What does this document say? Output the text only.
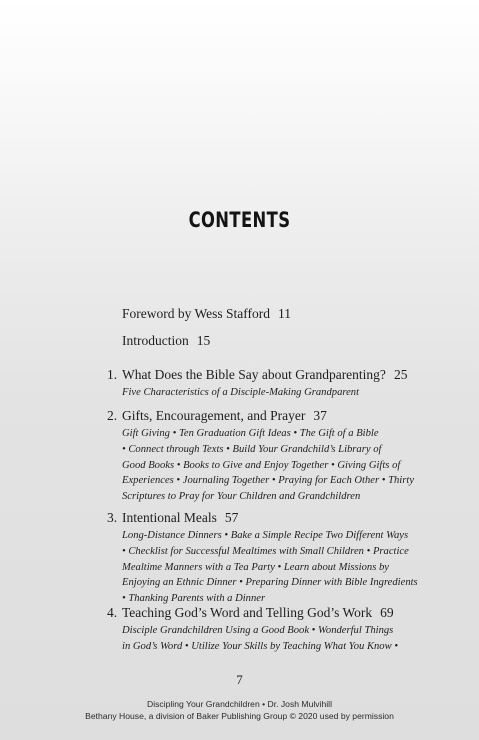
CONTENTS
Foreword by Wess Stafford 11
Introduction 15
1. What Does the Bible Say about Grandparenting? 25
Five Characteristics of a Disciple-Making Grandparent
2. Gifts, Encouragement, and Prayer 37
Gift Giving • Ten Graduation Gift Ideas • The Gift of a Bible
• Connect through Texts • Build Your Grandchild’s Library of
Good Books • Books to Give and Enjoy Together • Giving Gifts of
Experiences • Journaling Together • Praying for Each Other • Thirty
Scriptures to Pray for Your Children and Grandchildren
3. Intentional Meals 57
Long-Distance Dinners • Bake a Simple Recipe Two Different Ways
• Checklist for Successful Mealtimes with Small Children • Practice
Mealtime Manners with a Tea Party • Learn about Missions by
Enjoying an Ethnic Dinner • Preparing Dinner with Bible Ingredients
• Thanking Parents with a Dinner
4. Teaching God’s Word and Telling God’s Work 69
Disciple Grandchildren Using a Good Book • Wonderful Things
in God’s Word • Utilize Your Skills by Teaching What You Know •
7
Discipling Your Grandchildren • Dr. Josh Mulvihill
Bethany House, a division of Baker Publishing Group © 2020 used by permission
